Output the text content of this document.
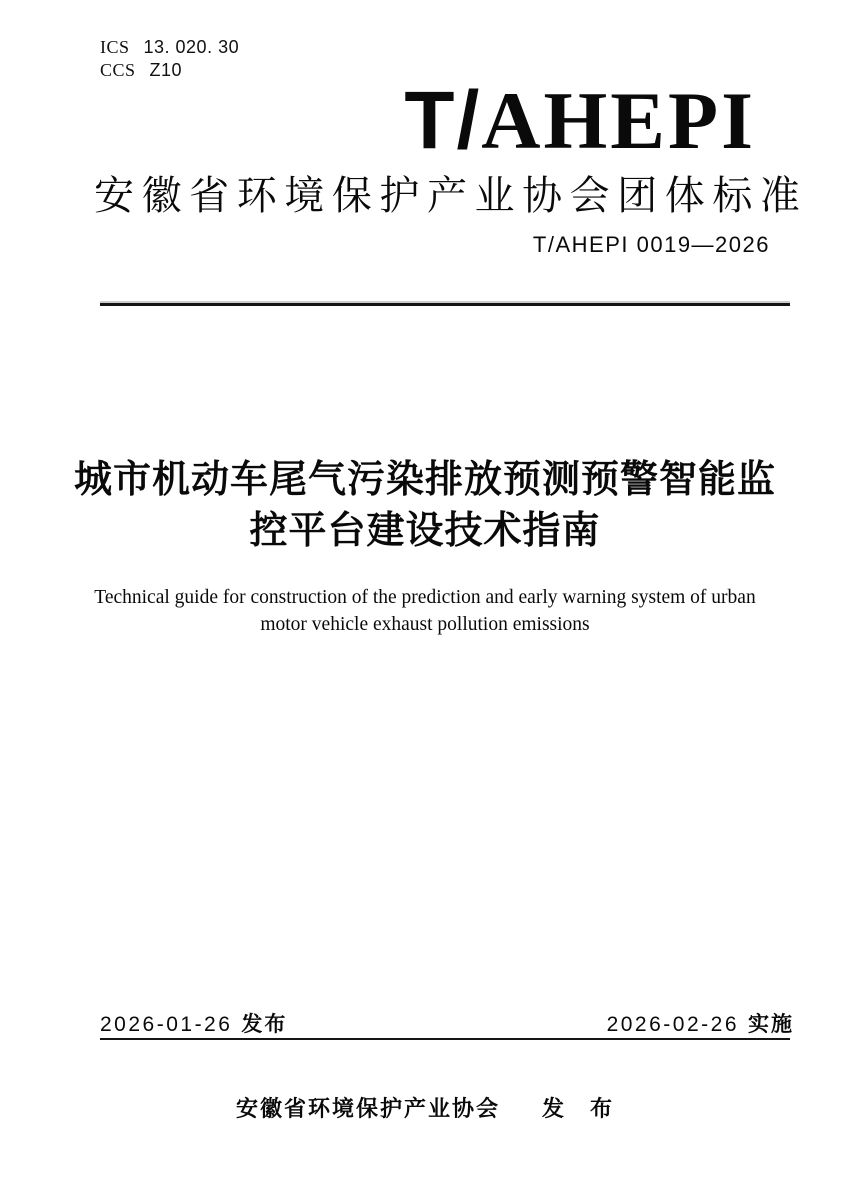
ICS 13. 020. 30
CCS Z10
T/AHEPI
安 徽 省 环 境 保 护 产 业 协 会 团 体 标 准
T/AHEPI 0019—2026
城市机动车尾气污染排放预测预警智能监
控平台建设技术指南
Technical guide for construction of the prediction and early warning system of urban
motor vehicle exhaust pollution emissions
2026-01-26 发布	2026-02-26 实施
安徽省环境保护产业协会 发　布
